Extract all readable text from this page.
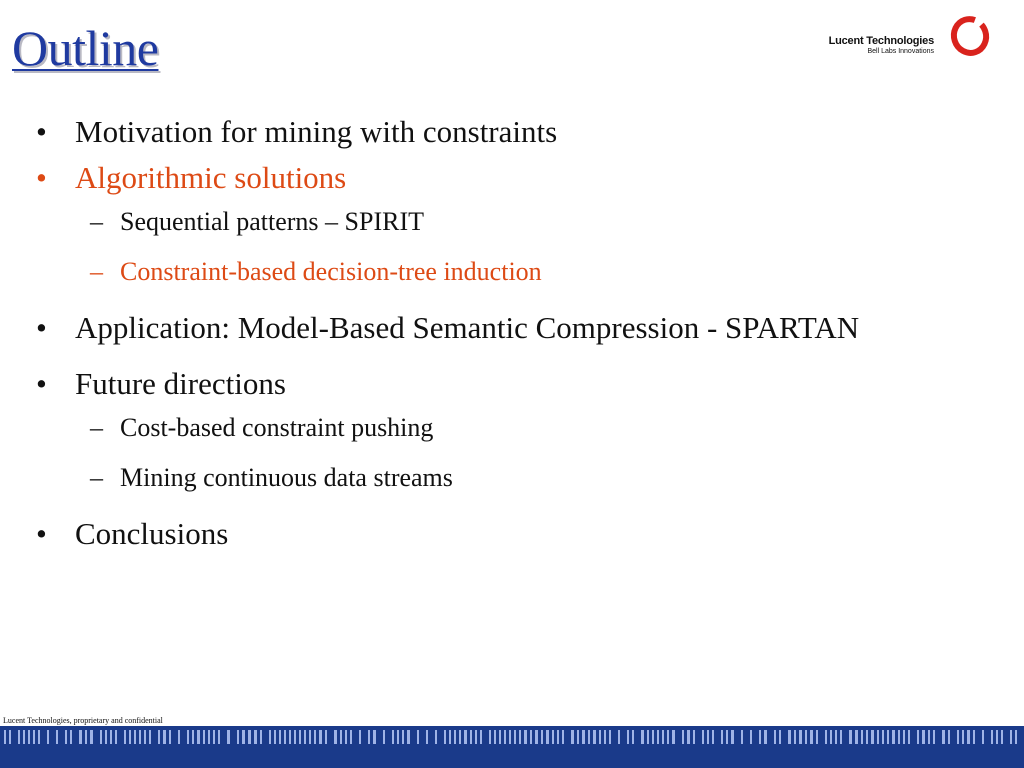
Outline	Lucent Technologies
Bell Labs Innovations
• Motivation for mining with constraints
• Algorithmic solutions
– Sequential patterns – SPIRIT
– Constraint-based decision-tree induction
• Application: Model-Based Semantic Compression - SPARTAN
• Future directions
– Cost-based constraint pushing
– Mining continuous data streams
• Conclusions
Lucent Technologies, proprietary and confidential
